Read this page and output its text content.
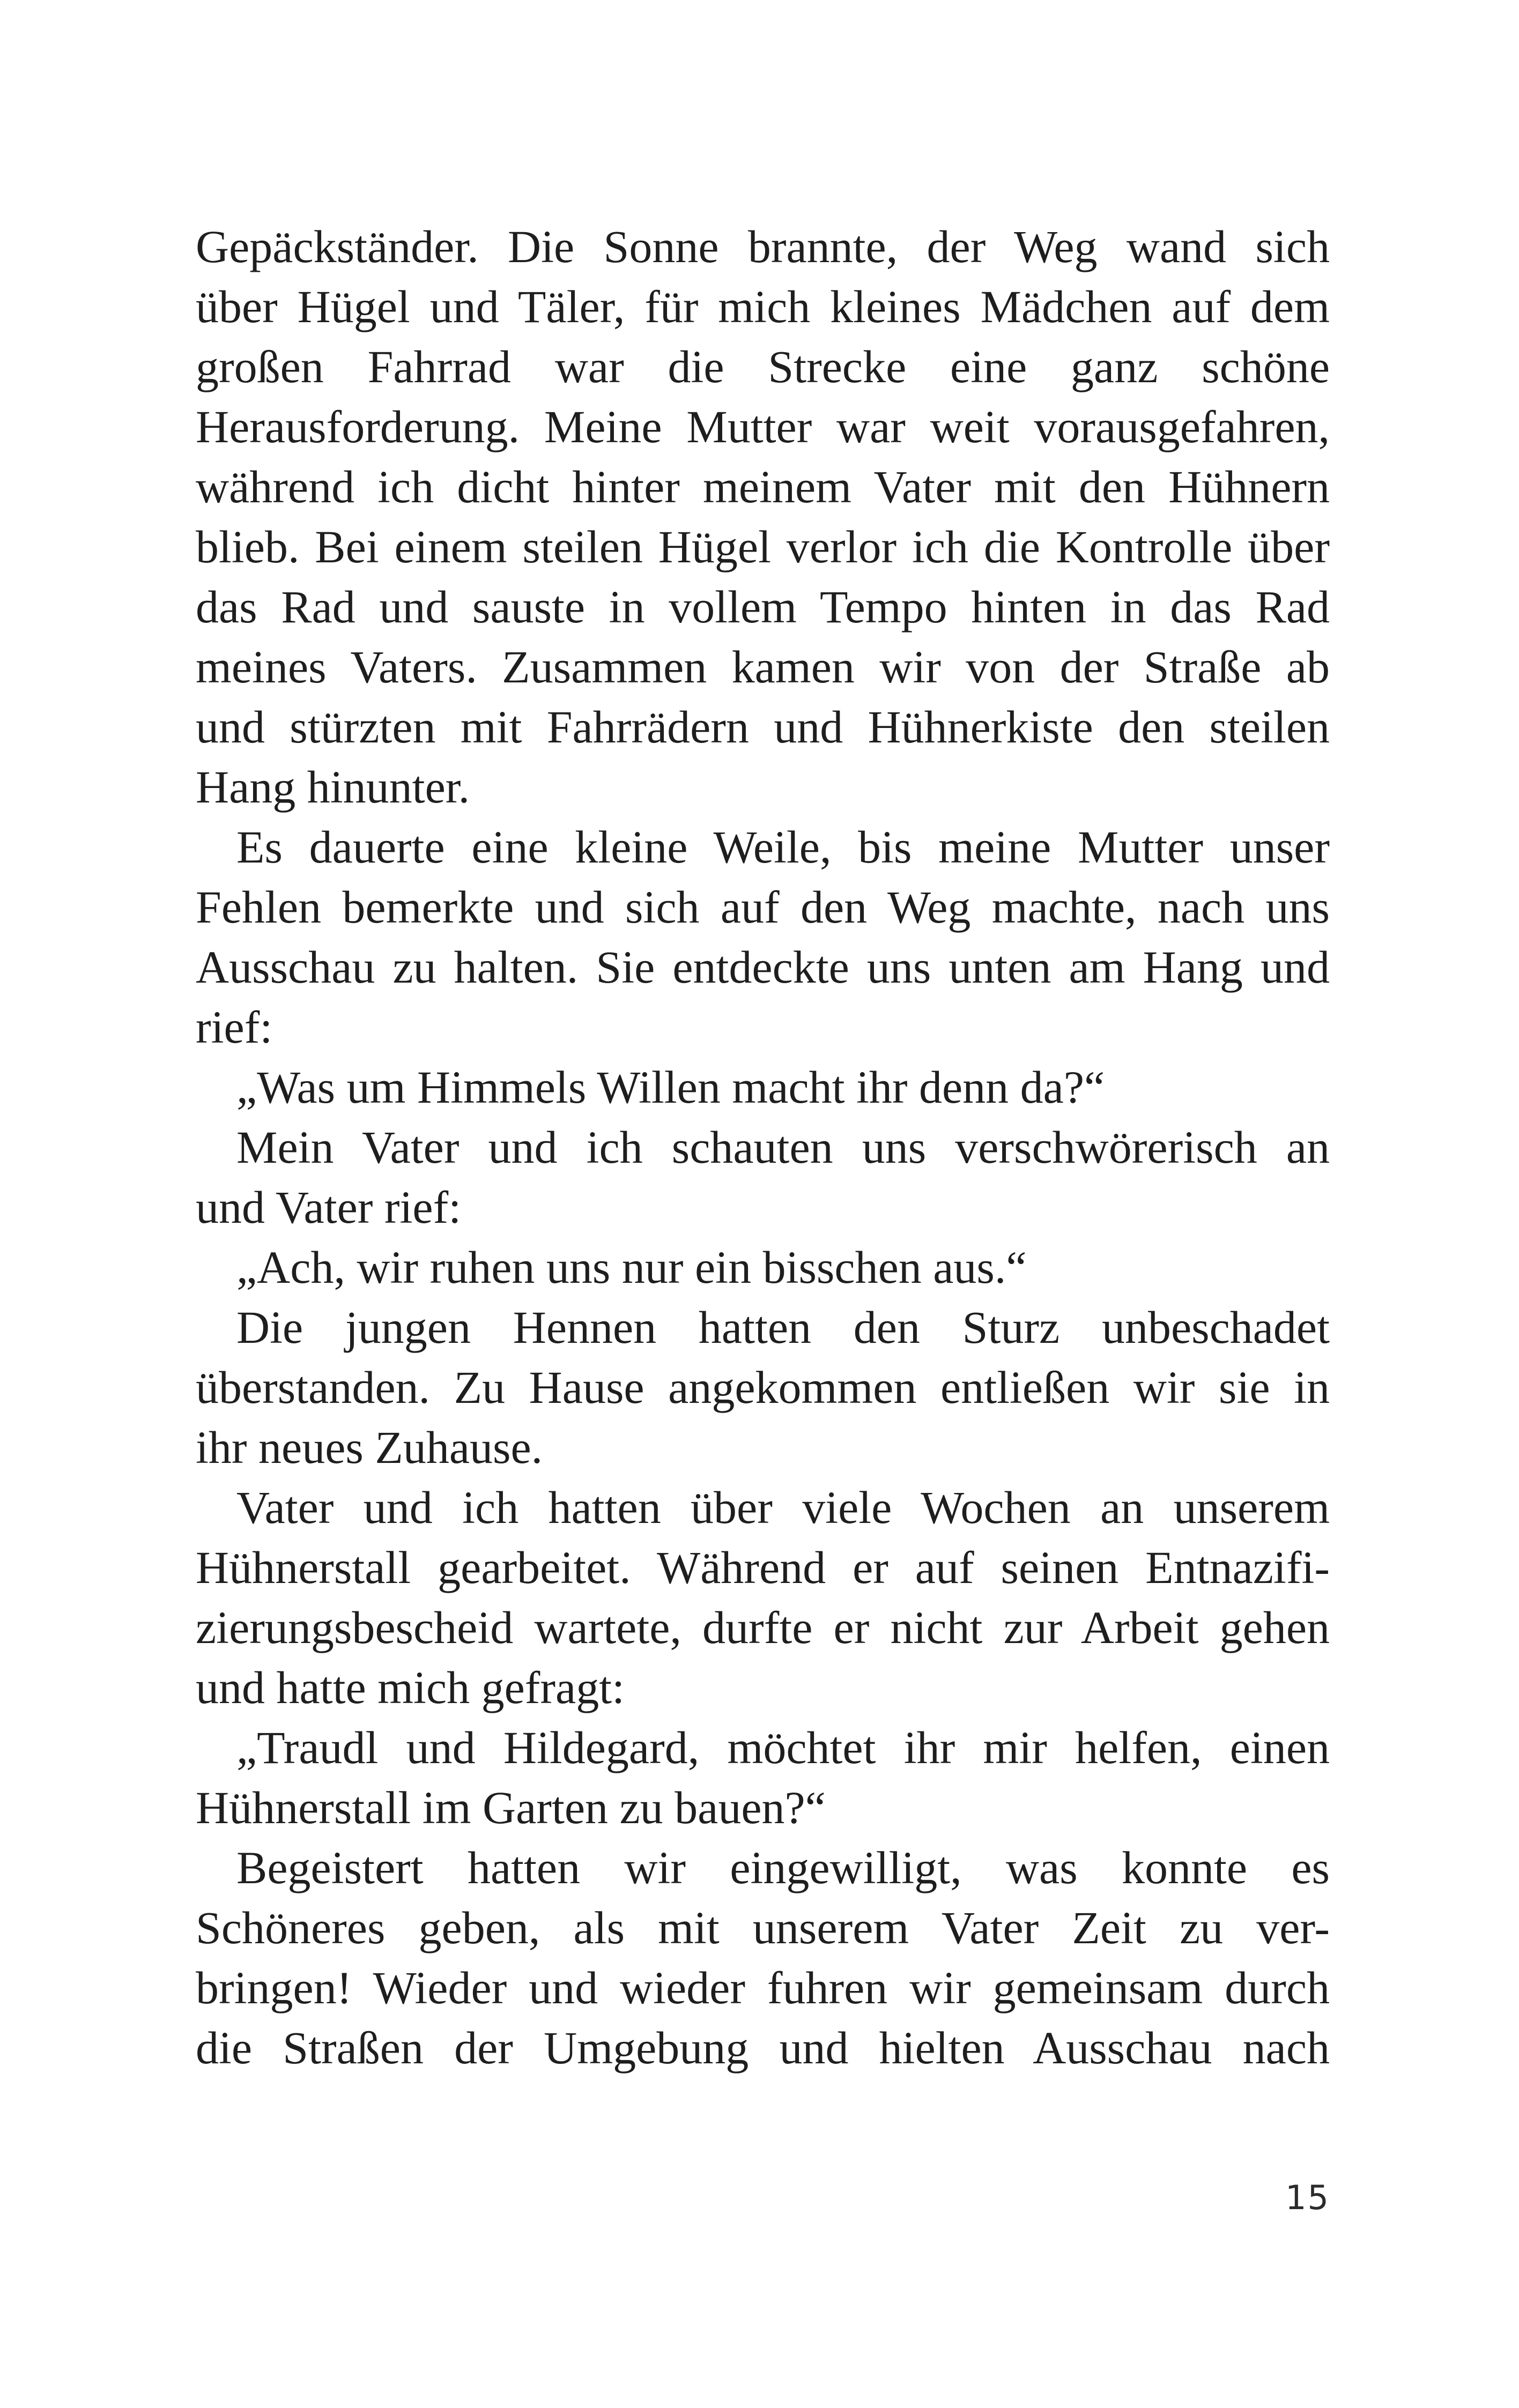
Gepäckständer. Die Sonne brannte, der Weg wand sich
über Hügel und Täler, für mich kleines Mädchen auf dem
großen Fahrrad war die Strecke eine ganz schöne
Herausforderung. Meine Mutter war weit vorausgefahren,
während ich dicht hinter meinem Vater mit den Hühnern
blieb. Bei einem steilen Hügel verlor ich die Kontrolle über
das Rad und sauste in vollem Tempo hinten in das Rad
meines Vaters. Zusammen kamen wir von der Straße ab
und stürzten mit Fahrrädern und Hühnerkiste den steilen
Hang hinunter.
Es dauerte eine kleine Weile, bis meine Mutter unser
Fehlen bemerkte und sich auf den Weg machte, nach uns
Ausschau zu halten. Sie entdeckte uns unten am Hang und
rief:
„Was um Himmels Willen macht ihr denn da?“
Mein Vater und ich schauten uns verschwörerisch an
und Vater rief:
„Ach, wir ruhen uns nur ein bisschen aus.“
Die jungen Hennen hatten den Sturz unbeschadet
überstanden. Zu Hause angekommen entließen wir sie in
ihr neues Zuhause.
Vater und ich hatten über viele Wochen an unserem
Hühnerstall gearbeitet. Während er auf seinen Entnazifi-
zierungsbescheid wartete, durfte er nicht zur Arbeit gehen
und hatte mich gefragt:
„Traudl und Hildegard, möchtet ihr mir helfen, einen
Hühnerstall im Garten zu bauen?“
Begeistert hatten wir eingewilligt, was konnte es
Schöneres geben, als mit unserem Vater Zeit zu ver-
bringen! Wieder und wieder fuhren wir gemeinsam durch
die Straßen der Umgebung und hielten Ausschau nach
15
